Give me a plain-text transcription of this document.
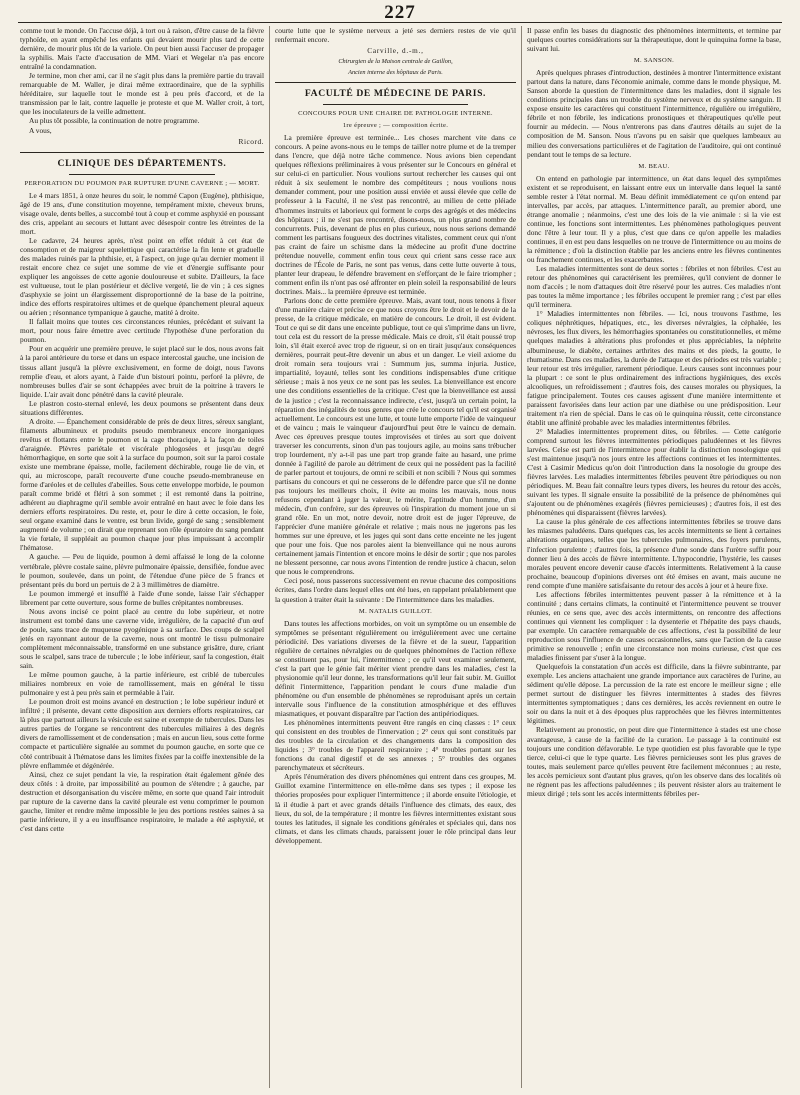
227

comme tout le monde. On l'accuse déjà, à tort ou à raison, d'être cause de la fièvre typhoïde, en ayant empêché les enfants qui devaient mourir plus tard de cette dernière, de mourir plus tôt de la variole. On peut bien aussi l'accuser de propager la syphilis. Mais l'acte d'accusation de MM. Viari et Wegelar n'a pas encore entraîné la condamnation.

Je termine, mon cher ami, car il ne s'agit plus dans la première partie du travail remarquable de M. Waller, je dirai même extraordinaire, que de la syphilis héréditaire, sur laquelle tout le monde est à peu près d'accord, et de la transmission par le lait, contre laquelle je proteste et que M. Waller croit, à tort, que les inoculateurs de la veille admettent.

Au plus tôt possible, la continuation de notre programme.

A vous,

Ricord.
CLINIQUE DES DÉPARTEMENTS.
PERFORATION DU POUMON PAR RUPTURE D'UNE CAVERNE ; — MORT.

Le 4 mars 1851, à onze heures du soir, le nommé Capon (Eugène), phthisique, âgé de 19 ans, d'une constitution moyenne, tempérament mixte, cheveux bruns, visage ovale, dents belles, a succombé tout à coup et comme asphyxié en poussant des cris, appelant au secours et luttant avec désespoir contre les étreintes de la mort.

Le cadavre, 24 heures après, n'est point en effet réduit à cet état de consomption et de maigreur squelettique qui caractérise la fin lente et graduelle des malades ruinés par la phthisie, et, à l'aspect, on juge qu'au dernier moment il restait encore chez ce sujet une somme de vie et d'énergie suffisante pour expliquer les angoisses de cette agonie douloureuse et subite. D'ailleurs, la face est vultueuse, tout le plan postérieur et déclive vergeté, lie de vin ; à ces signes d'asphyxie se joint un élargissement disproportionné de la base de la poitrine, indice des efforts respiratoires ultimes et de quelque épanchement pleural aqueux ou aérien ; résonnance tympanique à gauche, matité à droite.

Il fallait moins que toutes ces circonstances réunies, précédant et suivant la mort, pour nous faire émettre avec certitude l'hypothèse d'une perforation du poumon.

Pour en acquérir une première preuve, le sujet placé sur le dos, nous avons fait à la paroi antérieure du torse et dans un espace intercostal gauche, une incision de tissus allant jusqu'à la plèvre exclusivement, en forme de doigt, nous l'avons remplie d'eau, et alors ayant, à l'aide d'un bistouri pointu, perforé la plèvre, de nombreuses bulles d'air se sont échappées avec bruit de la poitrine à travers le liquide. L'air avait donc pénétré dans la cavité pleurale.

Le plastron costo-sternal enlevé, les deux poumons se présentent dans deux situations différentes.

A droite. — Épanchement considérable de près de deux litres, séreux sanglant, filaments albumineux et produits pseudo membraneux encore inorganiques revêtus et flottants entre le poumon et la cage thoracique, à la façon de toiles d'araignée. Plèvres pariétale et viscérale phlogosées et jusqu'au degré hémorrhagique, en sorte que soit à la surface du poumon, soit sur la paroi costale existe une membrane épaisse, molle, facilement déchirable, rouge lie de vin, et qui, au microscope, paraît recouverte d'une couche pseudo-membraneuse en forme d'aréoles et de cellules d'abeilles. Sous cette enveloppe morbide, le poumon paraît comme bridé et flétri à son sommet ; il est remonté dans la poitrine, adhérent au diaphragme qu'il semble avoir entraîné en haut avec le foie dans les derniers efforts respiratoires. Du reste, et, pour le dire à cette occasion, le foie, seul organe examiné dans le ventre, est brun livide, gorgé de sang ; sensiblement augmenté de volume ; on dirait que reprenant son rôle épuratoire du sang pendant la vie fœtale, il suppléait au poumon chaque jour plus impuissant à accomplir l'hématose.

A gauche. — Peu de liquide, poumon à demi affaissé le long de la colonne vertébrale, plèvre costale saine, plèvre pulmonaire épaissie, densifiée, fondue avec le poumon, soulevée, dans un point, de l'étendue d'une pièce de 5 francs et présentant près du bord un pertuis de 2 à 3 millimètres de diamètre.

Le poumon immergé et insufflé à l'aide d'une sonde, laisse l'air s'échapper librement par cette ouverture, sous forme de bulles crépitantes nombreuses.

Nous avons incisé ce point placé au centre du lobe supérieur, et notre instrument est tombé dans une caverne vide, irrégulière, de la capacité d'un œuf de poule, sans trace de muqueuse pyogénique à sa surface. Des coups de scalpel jetés en rayonnant autour de la caverne, nous ont montré le tissu pulmonaire complètement méconnaissable, transformé en une substance grisâtre, dure, criant sous le scalpel, sans trace de tubercule ; le lobe inférieur, sauf la congestion, était sain.

Le même poumon gauche, à la partie inférieure, est criblé de tubercules miliaires nombreux en voie de ramollissement, mais en général le tissu pulmonaire y est à peu près sain et perméable à l'air.

Le poumon droit est moins avancé en destruction ; le lobe supérieur induré et infiltré ; il présente, devant cette disposition aux derniers efforts respiratoires, car là plus que partout ailleurs la vésicule est saine et exempte de tubercules. Dans les autres parties de l'organe se rencontrent des tubercules miliaires à des degrés divers de ramollissement et de condensation ; mais en aucun lieu, sous cette forme compacte et particulière signalée au sommet du poumon gauche, en sorte que ce côté contribuait à l'hématose dans les limites fixées par la coiffe inextensible de la plèvre enflammée et dégénérée.

Ainsi, chez ce sujet pendant la vie, la respiration était également gênée des deux côtés : à droite, par impossibilité au poumon de s'étendre ; à gauche, par destruction et désorganisation du viscère même, en sorte que quand l'air introduit par rupture de la caverne dans la cavité pleurale est venu comprimer le poumon gauche, limiter et rendre même impossible le jeu des portions restées saines à sa partie inférieure, il y a eu insuffisance respiratoire, le malade a été asphyxié, et c'est dans cette

courte lutte que le système nerveux a jeté ses derniers restes de vie qu'il renfermait encore.

Carville, d.-m.,
Chirurgien de la Maison centrale de Gaillon,
Ancien interne des hôpitaux de Paris.
FACULTÉ DE MÉDECINE DE PARIS.
CONCOURS POUR UNE CHAIRE DE PATHOLOGIE INTERNE.
1re épreuve ; — composition écrite.

La première épreuve est terminée... Les choses marchent vite dans ce concours. A peine avons-nous eu le temps de tailler notre plume et de la tremper dans l'encre, que déjà notre tâche commence. Nous avions bien cependant quelques réflexions préliminaires à vous présenter sur le Concours en général et sur celui-ci en particulier. Nous voulions surtout rechercher les causes qui ont réduit à six seulement le nombre des compétiteurs ; nous voulions nous demander comment, pour une position aussi enviée et aussi élevée que celle de professeur à la Faculté, il ne s'est pas rencontré, au milieu de cette pléiade d'hommes instruits et laborieux qui forment le corps des agrégés et des médecins des hôpitaux ; il ne s'est pas rencontré, disons-nous, un plus grand nombre de concurrents. Puis, devenant de plus en plus curieux, nous nous serions demandé comment les partisans fougueux des doctrines vitalistes, comment ceux qui n'ont pas craint de faire un schisme dans la médecine au profit d'une doctrine prétendue nouvelle, comment enfin tous ceux qui crient sans cesse race aux doctrines de l'École de Paris, ne sont pas venus, dans cette lutte ouverte à tous, planter leur drapeau, le défendre bravement en s'efforçant de le faire triompher ; comment enfin ils n'ont pas osé affronter en plein soleil la responsabilité de leurs doctrines. Mais... la première épreuve est terminée.

Parlons donc de cette première épreuve. Mais, avant tout, nous tenons à fixer d'une manière claire et précise ce que nous croyons être le droit et le devoir de la presse, de la critique médicale, en matière de concours. Le droit, il est évident. Tout ce qui se dit dans une enceinte publique, tout ce qui s'imprime dans un livre, tout cela est du ressort de la presse médicale. Mais ce droit, s'il était poussé trop loin, s'il était exercé avec trop de rigueur, si on en tirait jusqu'aux conséquences dernières, pourrait peut-être devenir un abus et un danger. Le vieil axiome du droit romain sera toujours vrai : Summum jus, summa injuria. Justice, impartialité, loyauté, telles sont les conditions indispensables d'une critique sérieuse ; mais à nos yeux ce ne sont pas les seules. La bienveillance est encore une des conditions essentielles de la critique. C'est que la bienveillance est aussi de la justice ; c'est la reconnaissance indirecte, c'est, jusqu'à un certain point, la réparation des inégalités de tous genres que crée le concours tel qu'il est organisé actuellement. Le concours est une lutte, et toute lutte emporte l'idée de vainqueur et de vaincu ; mais le vainqueur d'aujourd'hui peut être le vaincu de demain. Avec ces épreuves presque toutes improvisées et tirées au sort que doivent traverser les concurrents, sinon d'un pas toujours agile, au moins sans trébucher trop lourdement, n'y a-t-il pas une part trop grande faite au hasard, une prime donnée à l'agilité de parole au détriment de ceux qui ne possèdent pas la facilité de parler partout et toujours, de omni re scibili et non scibili ? Nous qui sommes partisans du concours et qui ne cesserons de le défendre parce que s'il ne donne pas toujours les meilleurs choix, il évite au moins les mauvais, nous nous refusons cependant à juger la valeur, le mérite, l'aptitude d'un homme, d'un médecin, d'un confrère, sur des épreuves où l'inspiration du moment joue un si grand rôle. En un mot, notre devoir, notre droit est de juger l'épreuve, de l'apprécier d'une manière générale et relative ; mais nous ne jugerons pas les hommes sur une épreuve, et les juges qui sont dans cette enceinte ne les jugent que pour une fois. Que nos paroles aient la bienveillance qui ne nous aurons certainement jamais l'intention et encore moins le désir de sortir ; que nos paroles ne blessent personne, car nous avons l'intention de rendre justice à chacun, selon que nous le comprendrons.

Ceci posé, nous passerons successivement en revue chacune des compositions écrites, dans l'ordre dans lequel elles ont été lues, en rappelant préalablement que la question à traiter était la suivante : De l'intermittence dans les maladies.

M. NATALIS GUILLOT.

Dans toutes les affections morbides, on voit un symptôme ou un ensemble de symptômes se présentant régulièrement ou irrégulièrement avec une certaine périodicité. Des variations diverses de la fièvre et de la sueur, l'apparition régulière de certaines névralgies ou de quelques phénomènes de l'action réflexe se constituent pas, pour lui, l'intermittence ; ce qu'il veut examiner seulement, c'est la part que le génie fait mériter vient prendre dans les maladies, c'est la physionomie qu'il leur donne, les transformations qu'il leur fait subir. M. Guillot définit l'intermittence, l'apparition pendant le cours d'une maladie d'un phénomène ou d'un ensemble de phénomènes se reproduisant après un certain intervalle sous l'influence de la constitution atmosphérique et des effluves miasmatiques, et pouvant disparaître par l'action des antipériodiques.

Les phénomènes intermittents peuvent être rangés en cinq classes : 1° ceux qui consistent en des troubles de l'innervation ; 2° ceux qui sont constitués par des troubles de la circulation et des changements dans la composition des liquides ; 3° troubles de l'appareil respiratoire ; 4° troubles portant sur les fonctions du canal digestif et de ses annexes ; 5° troubles des organes parenchymateux et sécréteurs.

Après l'énumération des divers phénomènes qui entrent dans ces groupes, M. Guillot examine l'intermittence en elle-même dans ses types ; il expose les théories proposées pour expliquer l'intermittence ; il aborde ensuite l'étiologie, et là il étudie à part et avec grands détails l'influence des climats, des eaux, des lieux, du sol, de la température ; il montre les fièvres intermittentes existant sous toutes les latitudes, il signale les conditions générales et spéciales qui, dans nos climats, et dans les climats chauds, paraissent jouer le rôle principal dans leur développement.

Il passe enfin les bases du diagnostic des phénomènes intermittents, et termine par quelques courtes considérations sur la thérapeutique, dont le quinquina forme la base, suivant lui.

M. SANSON.

Après quelques phrases d'introduction, destinées à montrer l'intermittence existant partout dans la nature, dans l'économie animale, comme dans le monde physique, M. Sanson aborde la question de l'intermittence dans les maladies, dont il signale les conditions principales dans un trouble du système nerveux et du système sanguin. Il expose ensuite les caractères qui constituent l'intermittence, régulière ou irrégulière, fébrile et non fébrile, les indications pronostiques et thérapeutiques qu'elle peut fournir au médecin. — Nous n'entrerons pas dans d'autres détails au sujet de la composition de M. Sanson. Nous n'avons pu en saisir que quelques lambeaux au milieu des conversations particulières et de l'agitation de l'auditoire, qui ont continué pendant tout le temps de sa lecture.

M. BEAU.

On entend en pathologie par intermittence, un état dans lequel des symptômes existent et se reproduisent, en laissant entre eux un intervalle dans lequel la santé semble rester à l'état normal. M. Beau définit immédiatement ce qu'on entend par intervalles, par accès, par attaques. L'intermittence paraît, au premier abord, une étrange anomalie ; néanmoins, c'est une des lois de la vie animale : si la vie est continue, les fonctions sont intermittentes. Les phénomènes pathologiques peuvent donc l'être à leur tour. Il y a plus, c'est que dans ce qu'on appelle les maladies continues, il en est peu dans lesquelles on ne trouve de l'intermittence ou au moins de la rémittence ; d'où la distinction établie par les anciens entre les fièvres continentes ou franchement continues, et les exacerbantes.

Les maladies intermittentes sont de deux sortes : fébriles et non fébriles. C'est au retour des phénomènes qui caractérisent les premières, qu'il convient de donner le nom d'accès ; le nom d'attaques doit être réservé pour les autres. Ces maladies n'ont pas toutes la même importance ; les fébriles occupent le premier rang ; c'est par elles qu'il terminera.

1° Maladies intermittentes non fébriles. — Ici, nous trouvons l'asthme, les coliques néphrétiques, hépatiques, etc., les diverses névralgies, la céphalée, les névroses, les flux divers, les hémorrhagies spontanées ou constitutionnelles, et même quelques maladies à altérations plus profondes et plus appréciables, la néphrite albumineuse, le diabète, certaines arthrites des mains et des pieds, la goutte, le rhumatisme. Dans ces maladies, la durée de l'attaque et des périodes est très variable ; leur retour est très irrégulier, rarement périodique. Leurs causes sont inconnues pour la plupart : ce sont le plus ordinairement des infractions hygiéniques, des excès alcooliques, un refroidissement ; d'autres fois, des causes morales ou physiques, la fatigue principalement. Toutes ces causes agissent d'une manière intermittente et paraissent favorisées dans leur action par une diathèse ou une prédisposition. Leur traitement n'a rien de spécial. Dans le cas où le quinquina réussit, cette circonstance établit une affinité probable avec les maladies intermittentes fébriles.

2° Maladies intermittentes proprement dites, ou fébriles. — Cette catégorie comprend surtout les fièvres intermittentes périodiques paludéennes et les fièvres larvées. Celse est parti de l'intermittence pour établir la distinction nosologique qui s'est maintenue jusqu'à nos jours entre les affections continues et les intermittentes. C'est à Casimir Medicus qu'on doit l'introduction dans la nosologie du groupe des fièvres larvées. Les maladies intermittentes fébriles peuvent être périodiques ou non périodiques. M. Beau fait connaître leurs types divers, les heures du retour des accès, suivant les types. Il signale ensuite la possibilité de la présence de phénomènes qui s'ajoutent ou de phénomènes exagérés (fièvres pernicieuses) ; d'autres fois, il est des phénomènes qui disparaissent (fièvres larvées).

La cause la plus générale de ces affections intermittentes fébriles se trouve dans les miasmes paludéens. Dans quelques cas, les accès intermittents se lient à certaines altérations organiques, telles que les tubercules pulmonaires, des foyers purulents, l'infection purulente ; d'autres fois, la présence d'une sonde dans l'urètre suffit pour donner lieu à des accès de fièvre intermittente. L'hypocondrie, l'hystérie, les causes morales peuvent encore devenir cause d'accès intermittents. Relativement à la cause prochaine, beaucoup d'opinions diverses ont été émises en avant, mais aucune ne rend compte d'une manière satisfaisante du retour des accès à jour et à heure fixe.

Les affections fébriles intermittentes peuvent passer à la rémittence et à la continuité ; dans certains climats, la continuité et l'intermittence peuvent se trouver réunies, en ce sens que, avec des accès intermittents, on rencontre des affections continues qui viennent les compliquer : la dysenterie et l'hépatite des pays chauds, par exemple. Un caractère remarquable de ces affections, c'est la possibilité de leur reproduction sous l'influence de causes occasionnelles, sans que l'action de la cause primitive se renouvelle ; enfin une circonstance non moins curieuse, c'est que ces maladies finissent par s'user à la longue.

Quelquefois la constatation d'un accès est difficile, dans la fièvre subintrante, par exemple. Les anciens attachaient une grande importance aux caractères de l'urine, au sédiment qu'elle dépose. La percussion de la rate est encore le meilleur signe ; elle permet surtout de distinguer les fièvres intermittentes à stades des fièvres intermittentes symptomatiques ; dans ces dernières, les accès reviennent en outre le soir ou dans la nuit et à des époques plus rapprochées que les fièvres intermittentes légitimes.

Relativement au pronostic, on peut dire que l'intermittence à stades est une chose avantageuse, à cause de la facilité de la curation. Le passage à la continuité est toujours une condition défavorable. Le type quotidien est plus favorable que le type tierce, celui-ci que le type quarte. Les fièvres pernicieuses sont les plus graves de toutes, mais seulement parce qu'elles peuvent être facilement méconnues ; au reste, les accès pernicieux sont d'autant plus graves, qu'on les observe dans des localités où ne règnent pas les affections paludéennes ; ils peuvent résister alors au traitement le mieux dirigé ; tels sont les accès intermittents fébriles per-
